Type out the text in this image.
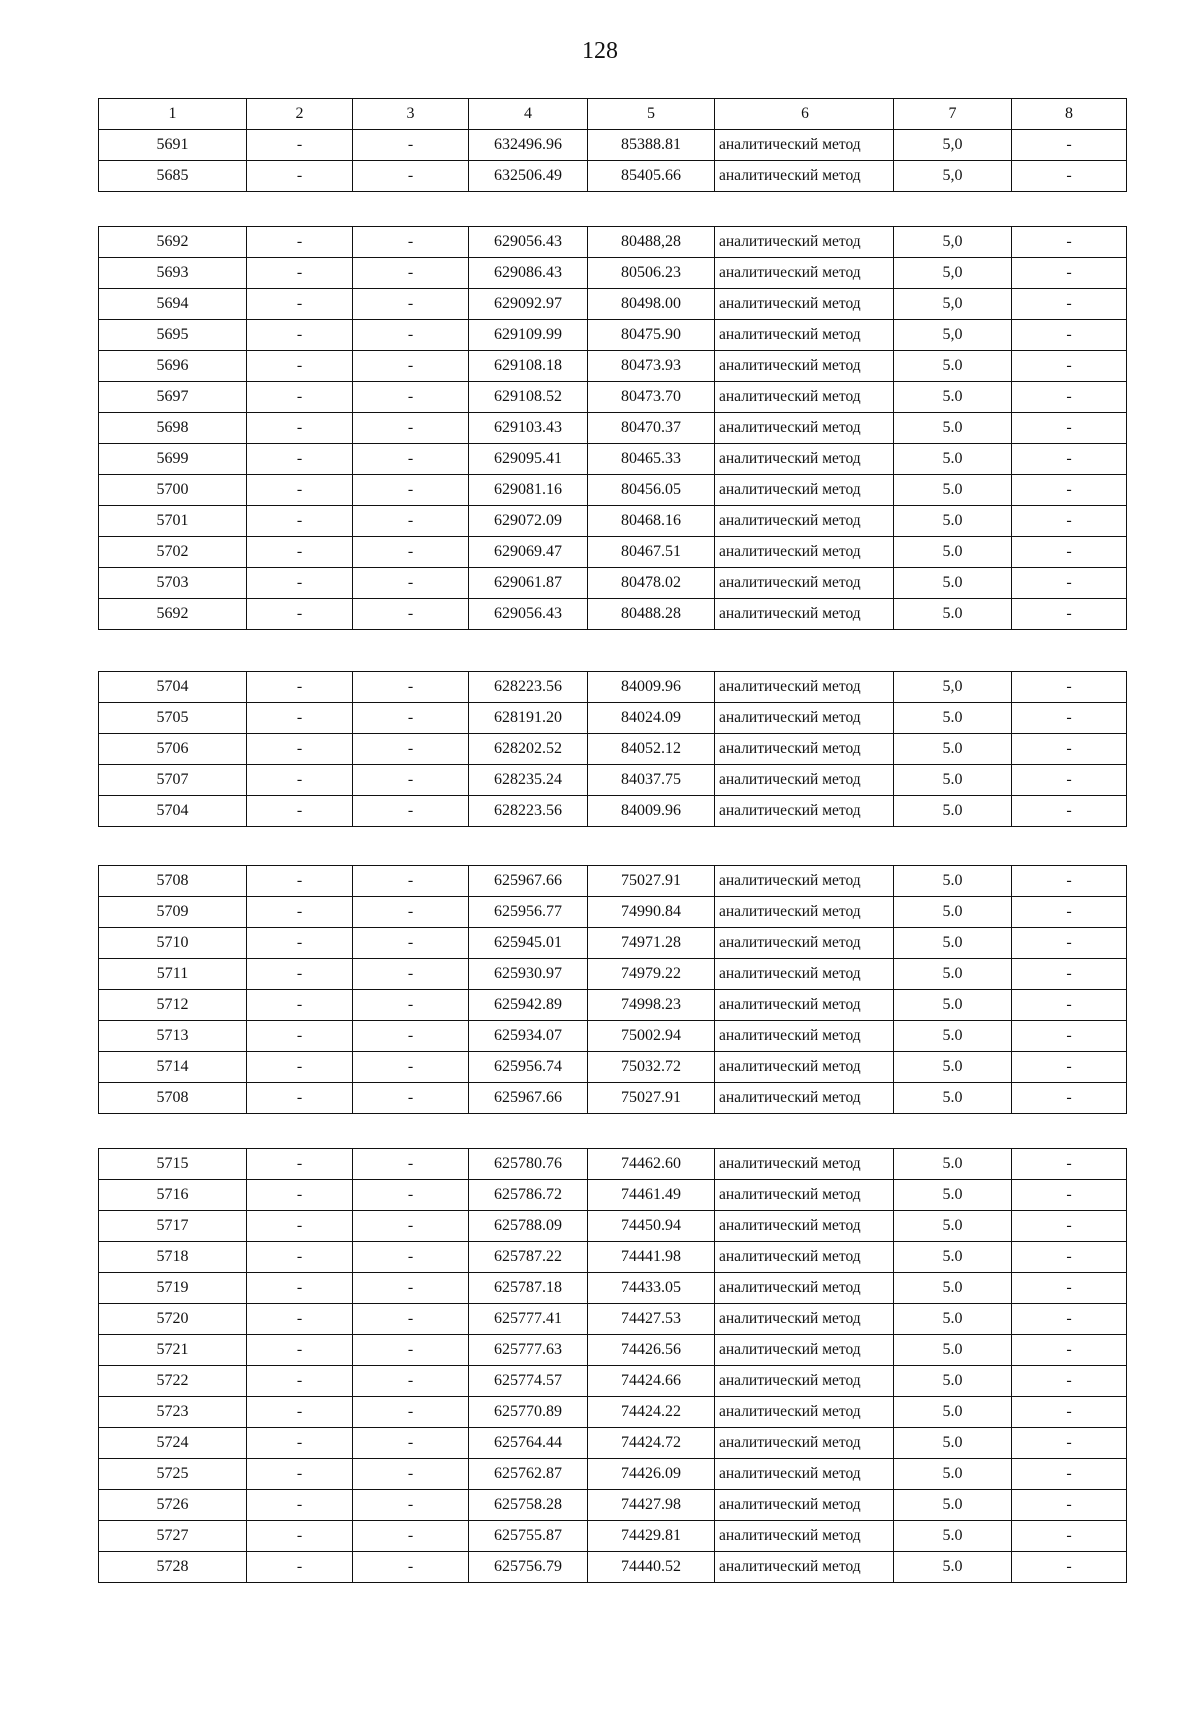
128
1	2	3	4	5	6	7	8
5691	-	-	632496.96	85388.81	аналитический метод	5,0	-
5685	-	-	632506.49	85405.66	аналитический метод	5,0	-
5692	-	-	629056.43	80488,28	аналитический метод	5,0	-
5693	-	-	629086.43	80506.23	аналитический метод	5,0	-
5694	-	-	629092.97	80498.00	аналитический метод	5,0	-
5695	-	-	629109.99	80475.90	аналитический метод	5,0	-
5696	-	-	629108.18	80473.93	аналитический метод	5.0	-
5697	-	-	629108.52	80473.70	аналитический метод	5.0	-
5698	-	-	629103.43	80470.37	аналитический метод	5.0	-
5699	-	-	629095.41	80465.33	аналитический метод	5.0	-
5700	-	-	629081.16	80456.05	аналитический метод	5.0	-
5701	-	-	629072.09	80468.16	аналитический метод	5.0	-
5702	-	-	629069.47	80467.51	аналитический метод	5.0	-
5703	-	-	629061.87	80478.02	аналитический метод	5.0	-
5692	-	-	629056.43	80488.28	аналитический метод	5.0	-
5704	-	-	628223.56	84009.96	аналитический метод	5,0	-
5705	-	-	628191.20	84024.09	аналитический метод	5.0	-
5706	-	-	628202.52	84052.12	аналитический метод	5.0	-
5707	-	-	628235.24	84037.75	аналитический метод	5.0	-
5704	-	-	628223.56	84009.96	аналитический метод	5.0	-
5708	-	-	625967.66	75027.91	аналитический метод	5.0	-
5709	-	-	625956.77	74990.84	аналитический метод	5.0	-
5710	-	-	625945.01	74971.28	аналитический метод	5.0	-
5711	-	-	625930.97	74979.22	аналитический метод	5.0	-
5712	-	-	625942.89	74998.23	аналитический метод	5.0	-
5713	-	-	625934.07	75002.94	аналитический метод	5.0	-
5714	-	-	625956.74	75032.72	аналитический метод	5.0	-
5708	-	-	625967.66	75027.91	аналитический метод	5.0	-
5715	-	-	625780.76	74462.60	аналитический метод	5.0	-
5716	-	-	625786.72	74461.49	аналитический метод	5.0	-
5717	-	-	625788.09	74450.94	аналитический метод	5.0	-
5718	-	-	625787.22	74441.98	аналитический метод	5.0	-
5719	-	-	625787.18	74433.05	аналитический метод	5.0	-
5720	-	-	625777.41	74427.53	аналитический метод	5.0	-
5721	-	-	625777.63	74426.56	аналитический метод	5.0	-
5722	-	-	625774.57	74424.66	аналитический метод	5.0	-
5723	-	-	625770.89	74424.22	аналитический метод	5.0	-
5724	-	-	625764.44	74424.72	аналитический метод	5.0	-
5725	-	-	625762.87	74426.09	аналитический метод	5.0	-
5726	-	-	625758.28	74427.98	аналитический метод	5.0	-
5727	-	-	625755.87	74429.81	аналитический метод	5.0	-
5728	-	-	625756.79	74440.52	аналитический метод	5.0	-
